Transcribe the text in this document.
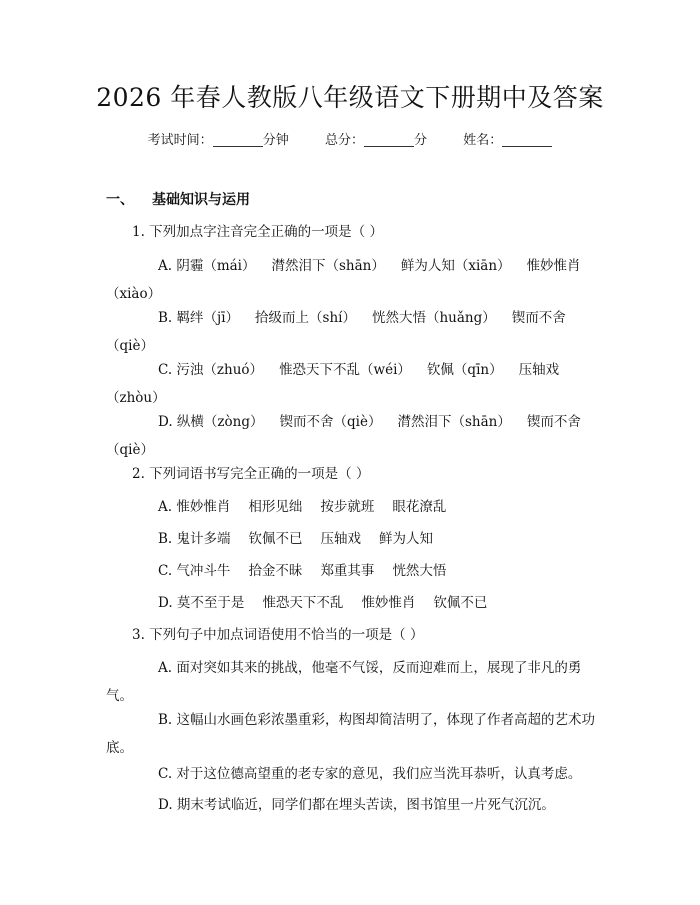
2026 年春人教版八年级语文下册期中及答案
考试时间：	分钟	总分：	分	姓名：
一、 基础知识与运用
1. 下列加点字注音完全正确的一项是（ ）
A. 阴霾（mái） 潸然泪下（shān） 鲜为人知（xiān） 惟妙惟肖（xiào）
B. 羁绊（jī） 拾级而上（shí） 恍然大悟（huǎng） 锲而不舍（qiè）
C. 污浊（zhuó） 惟恐天下不乱（wéi） 钦佩（qīn） 压轴戏（zhòu）
D. 纵横（zòng） 锲而不舍（qiè） 潸然泪下（shān） 锲而不舍（qiè）
2. 下列词语书写完全正确的一项是（ ）
A. 惟妙惟肖 相形见绌 按步就班 眼花潦乱
B. 鬼计多端 钦佩不已 压轴戏 鲜为人知
C. 气冲斗牛 拾金不昧 郑重其事 恍然大悟
D. 莫不至于是 惟恐天下不乱 惟妙惟肖 钦佩不已
3. 下列句子中加点词语使用不恰当的一项是（ ）
A. 面对突如其来的挑战，他毫不气馁，反而迎难而上，展现了非凡的勇气。
B. 这幅山水画色彩浓墨重彩，构图却简洁明了，体现了作者高超的艺术功底。
C. 对于这位德高望重的老专家的意见，我们应当洗耳恭听，认真考虑。
D. 期末考试临近，同学们都在埋头苦读，图书馆里一片死气沉沉。
